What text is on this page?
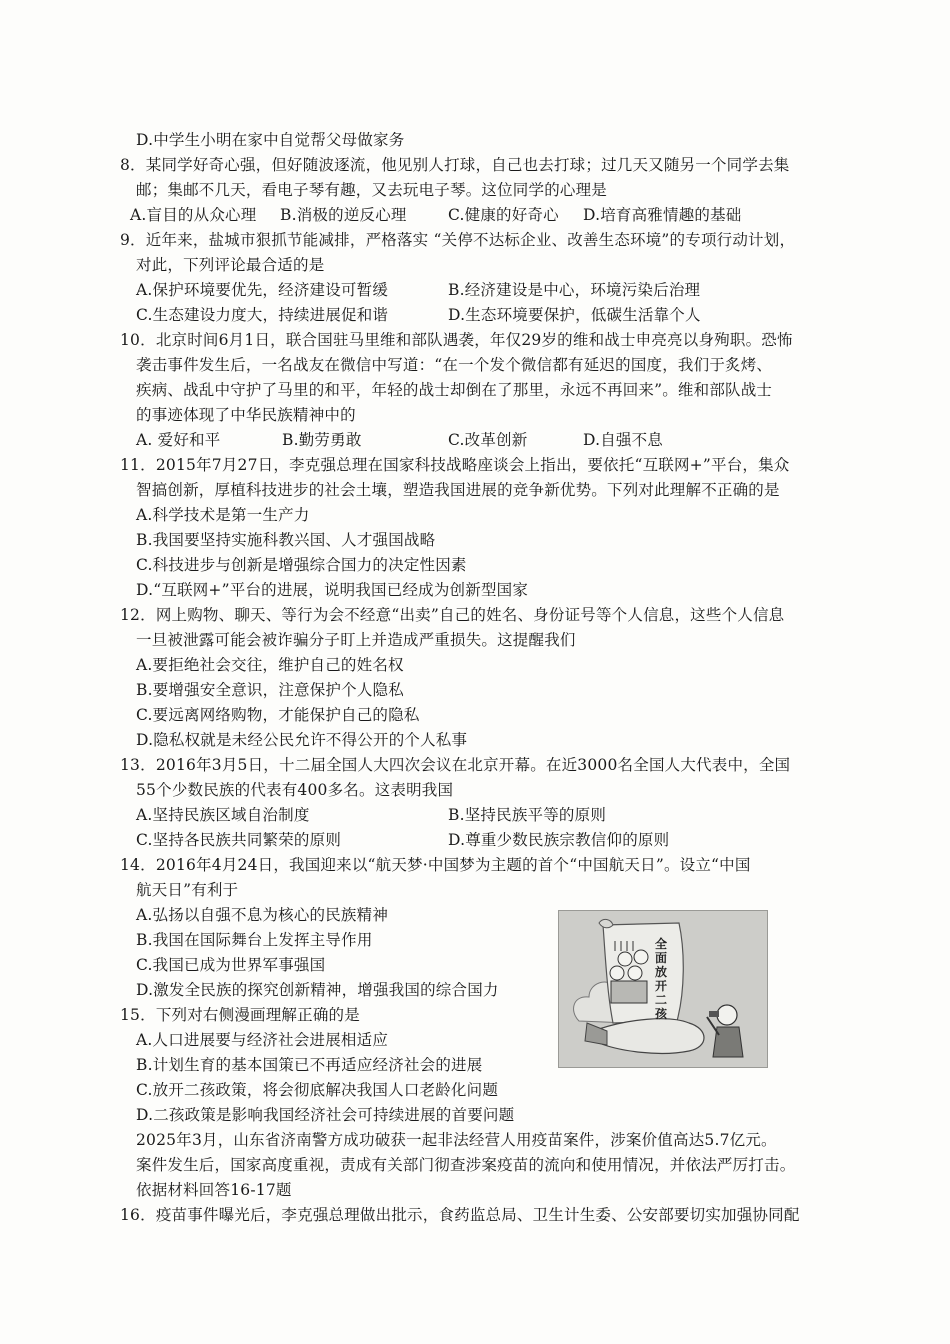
D.中学生小明在家中自觉帮父母做家务
8．某同学好奇心强，但好随波逐流，他见别人打球，自己也去打球；过几天又随另一个同学去集
邮；集邮不几天，看电子琴有趣，又去玩电子琴。这位同学的心理是
A.盲目的从众心理 B.消极的逆反心理	C.健康的好奇心 D.培育高雅情趣的基础
9．近年来，盐城市狠抓节能减排，严格落实 “关停不达标企业、改善生态环境”的专项行动计划，
对此，下列评论最合适的是
A.保护环境要优先，经济建设可暂缓	B.经济建设是中心，环境污染后治理
C.生态建设力度大，持续进展促和谐	D.生态环境要保护，低碳生活靠个人
10．北京时间6月1日，联合国驻马里维和部队遇袭，年仅29岁的维和战士申亮亮以身殉职。恐怖
袭击事件发生后，一名战友在微信中写道：“在一个发个微信都有延迟的国度，我们于炙烤、
疾病、战乱中守护了马里的和平，年轻的战士却倒在了那里，永远不再回来”。维和部队战士
的事迹体现了中华民族精神中的
A. 爱好和平	B.勤劳勇敢	C.改革创新	D.自强不息
11．2015年7月27日，李克强总理在国家科技战略座谈会上指出，要依托“互联网+”平台，集众
智搞创新，厚植科技进步的社会土壤，塑造我国进展的竞争新优势。下列对此理解不正确的是
A.科学技术是第一生产力
B.我国要坚持实施科教兴国、人才强国战略
C.科技进步与创新是增强综合国力的决定性因素
D.“互联网+”平台的进展，说明我国已经成为创新型国家
12．网上购物、聊天、等行为会不经意“出卖”自己的姓名、身份证号等个人信息，这些个人信息
一旦被泄露可能会被诈骗分子盯上并造成严重损失。这提醒我们
A.要拒绝社会交往，维护自己的姓名权
B.要增强安全意识，注意保护个人隐私
C.要远离网络购物，才能保护自己的隐私
D.隐私权就是未经公民允许不得公开的个人私事
13．2016年3月5日，十二届全国人大四次会议在北京开幕。在近3000名全国人大代表中，全国
55个少数民族的代表有400多名。这表明我国
A.坚持民族区域自治制度	B.坚持民族平等的原则
C.坚持各民族共同繁荣的原则	D.尊重少数民族宗教信仰的原则
14．2016年4月24日，我国迎来以“航天梦·中国梦为主题的首个“中国航天日”。设立“中国
航天日”有利于
A.弘扬以自强不息为核心的民族精神
B.我国在国际舞台上发挥主导作用
C.我国已成为世界军事强国
D.激发全民族的探究创新精神，增强我国的综合国力
15．下列对右侧漫画理解正确的是
A.人口进展要与经济社会进展相适应
B.计划生育的基本国策已不再适应经济社会的进展
C.放开二孩政策，将会彻底解决我国人口老龄化问题
D.二孩政策是影响我国经济社会可持续进展的首要问题
2025年3月，山东省济南警方成功破获一起非法经营人用疫苗案件，涉案价值高达5.7亿元。
案件发生后，国家高度重视，责成有关部门彻查涉案疫苗的流向和使用情况，并依法严厉打击。
依据材料回答16-17题
16．疫苗事件曝光后，李克强总理做出批示，食药监总局、卫生计生委、公安部要切实加强协同配
全面放开二孩
